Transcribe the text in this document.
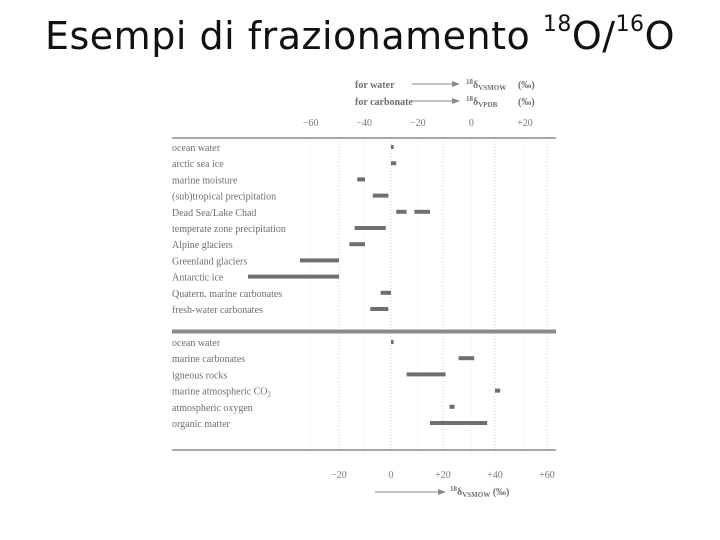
Esempi di frazionamento $^{18}$O/$^{16}$O
for water	$^{18}\delta_{VSMOW}$ (‰)
for carbonate	$^{18}\delta_{VPDB}$ (‰)
−60	−40	−20	0	+20
−20	0	+20	+40	+60
$^{18}\delta_{VSMOW}$ (‰)
ocean water
arctic sea ice
marine moisture
(sub)tropical precipitation
Dead Sea/Lake Chad
temperate zone precipitation
Alpine glaciers
Greenland glaciers
Antarctic ice
Quatern. marine carbonates
fresh-water carbonates
ocean water
marine carbonates
igneous rocks
marine atmospheric $CO_2$
atmospheric oxygen
organic matter
